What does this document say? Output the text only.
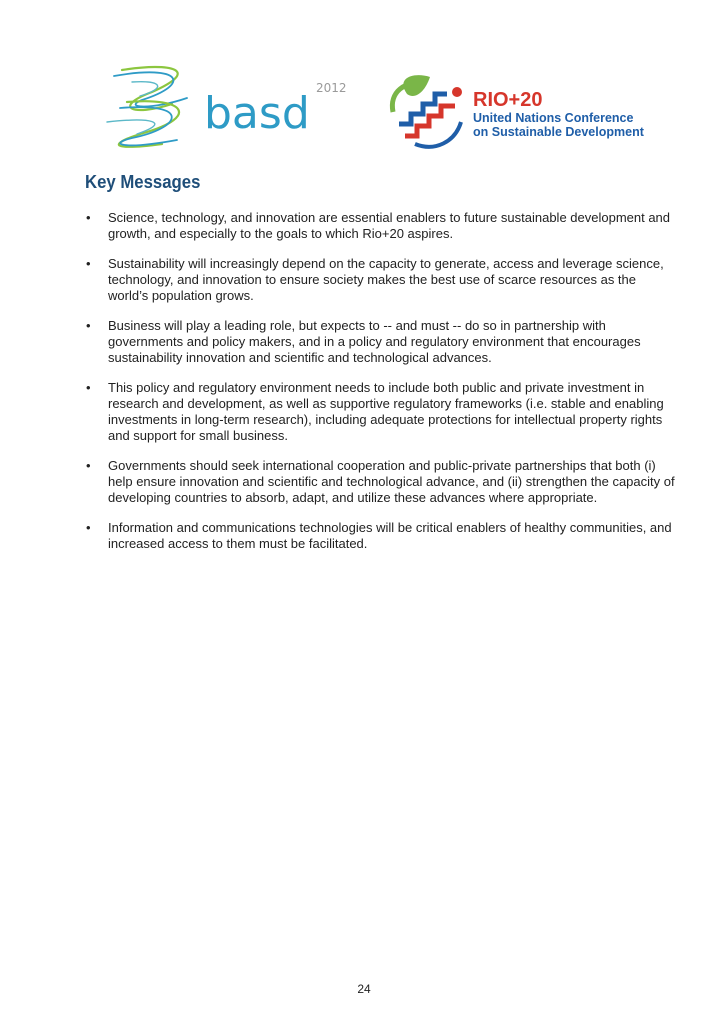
basd 2012
RIO+20
United Nations Conference
on Sustainable Development
Key Messages
• Science, technology, and innovation are essential enablers to future sustainable development and growth, and especially to the goals to which Rio+20 aspires.
• Sustainability will increasingly depend on the capacity to generate, access and leverage science, technology, and innovation to ensure society makes the best use of scarce resources as the world’s population grows.
• Business will play a leading role, but expects to -- and must -- do so in partnership with governments and policy makers, and in a policy and regulatory environment that encourages sustainability innovation and scientific and technological advances.
• This policy and regulatory environment needs to include both public and private investment in research and development, as well as supportive regulatory frameworks (i.e. stable and enabling investments in long-term research), including adequate protections for intellectual property rights and support for small business.
• Governments should seek international cooperation and public-private partnerships that both (i) help ensure innovation and scientific and technological advance, and (ii) strengthen the capacity of developing countries to absorb, adapt, and utilize these advances where appropriate.
• Information and communications technologies will be critical enablers of healthy communities, and increased access to them must be facilitated.
24
